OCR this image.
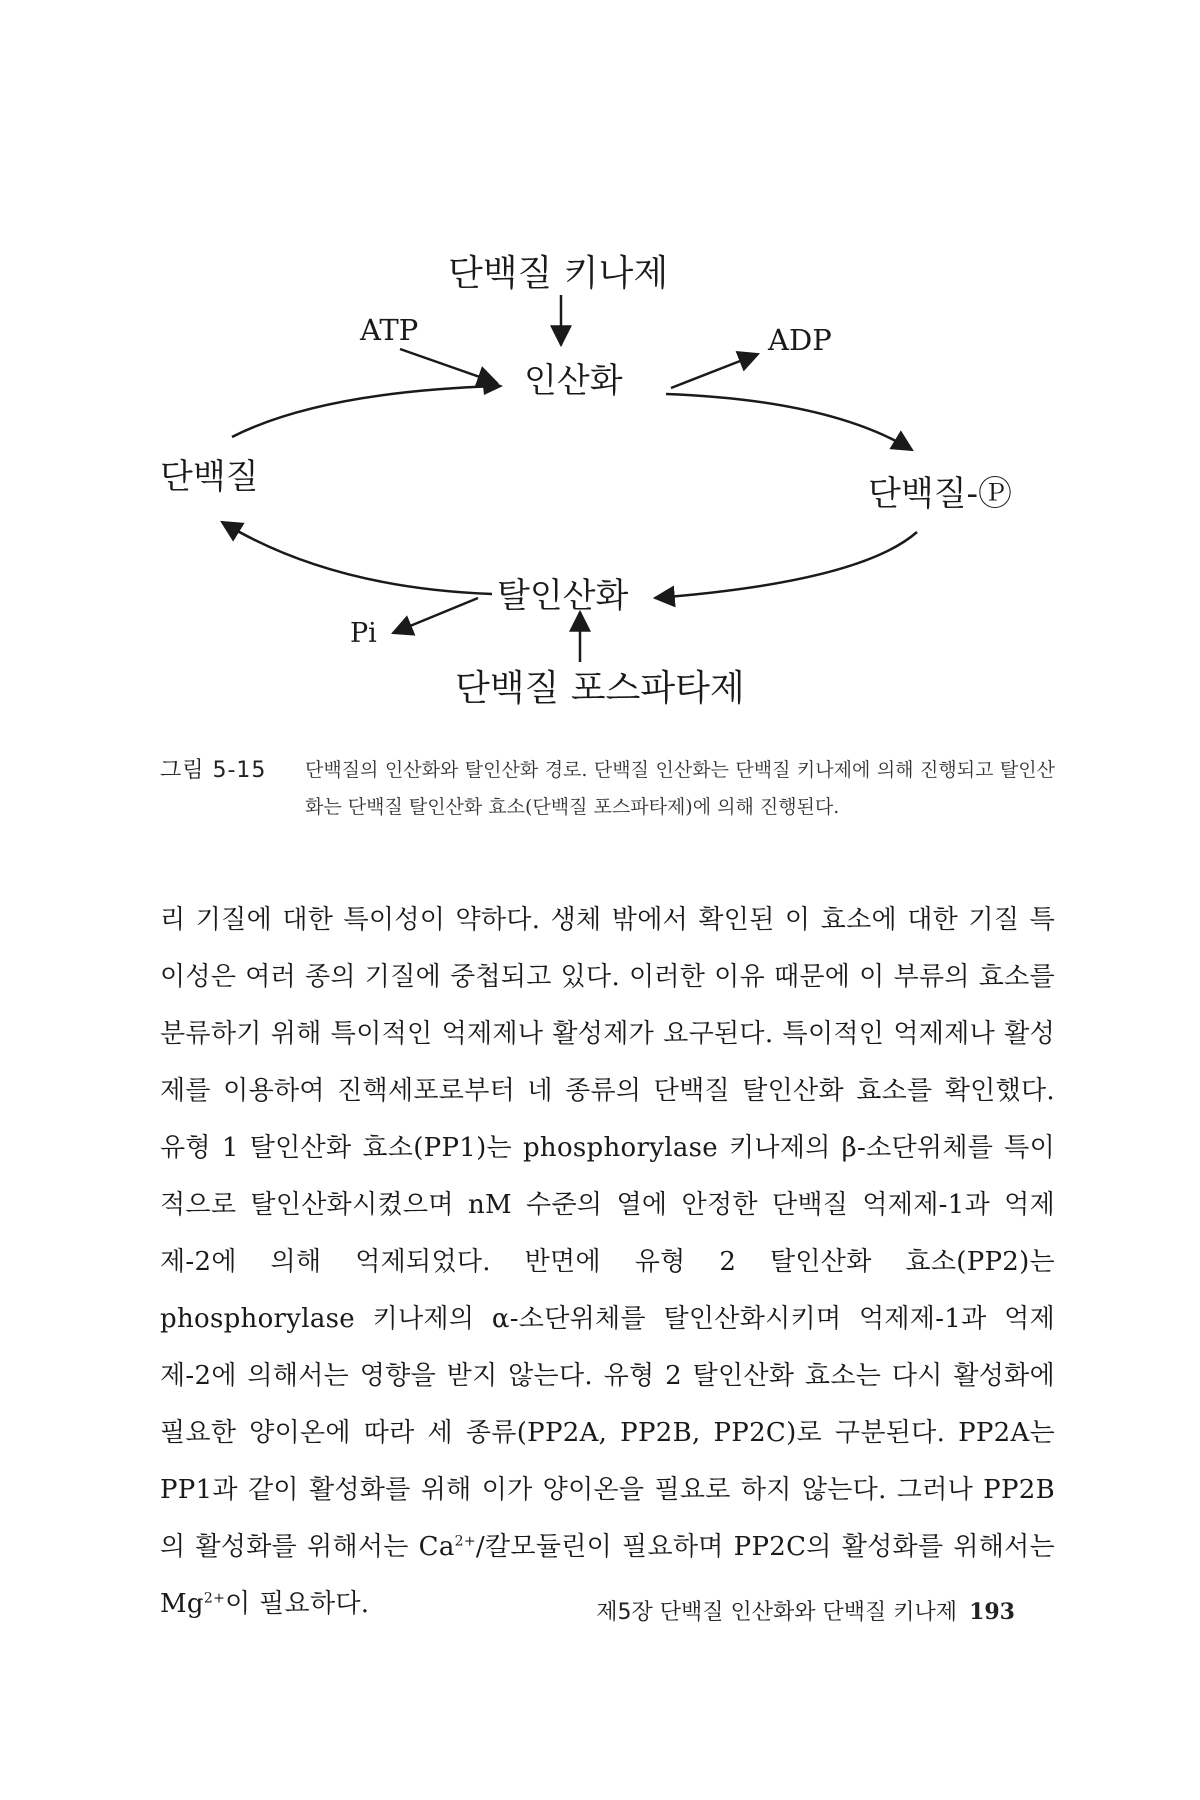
단백질 키나제
ATP	ADP
인산화
단백질	단백질-Ⓟ
탈인산화
Pi
단백질 포스파타제
그림 5-15 단백질의 인산화와 탈인산화 경로. 단백질 인산화는 단백질 키나제에 의해 진행되고 탈인산화는 단백질 탈인산화 효소(단백질 포스파타제)에 의해 진행된다.
리 기질에 대한 특이성이 약하다. 생체 밖에서 확인된 이 효소에 대한 기질 특이성은 여러 종의 기질에 중첩되고 있다. 이러한 이유 때문에 이 부류의 효소를 분류하기 위해 특이적인 억제제나 활성제가 요구된다. 특이적인 억제제나 활성제를 이용하여 진핵세포로부터 네 종류의 단백질 탈인산화 효소를 확인했다. 유형 1 탈인산화 효소(PP1)는 phosphorylase 키나제의 β-소단위체를 특이적으로 탈인산화시켰으며 nM 수준의 열에 안정한 단백질 억제제-1과 억제제-2에 의해 억제되었다. 반면에 유형 2 탈인산화 효소(PP2)는 phosphorylase 키나제의 α-소단위체를 탈인산화시키며 억제제-1과 억제제-2에 의해서는 영향을 받지 않는다. 유형 2 탈인산화 효소는 다시 활성화에 필요한 양이온에 따라 세 종류(PP2A, PP2B, PP2C)로 구분된다. PP2A는 PP1과 같이 활성화를 위해 이가 양이온을 필요로 하지 않는다. 그러나 PP2B의 활성화를 위해서는 $Ca^{2+}/$칼모듈린이 필요하며 PP2C의 활성화를 위해서는 $Mg^{2+}$이 필요하다.	제5장 단백질 인산화와 단백질 키나제 193
